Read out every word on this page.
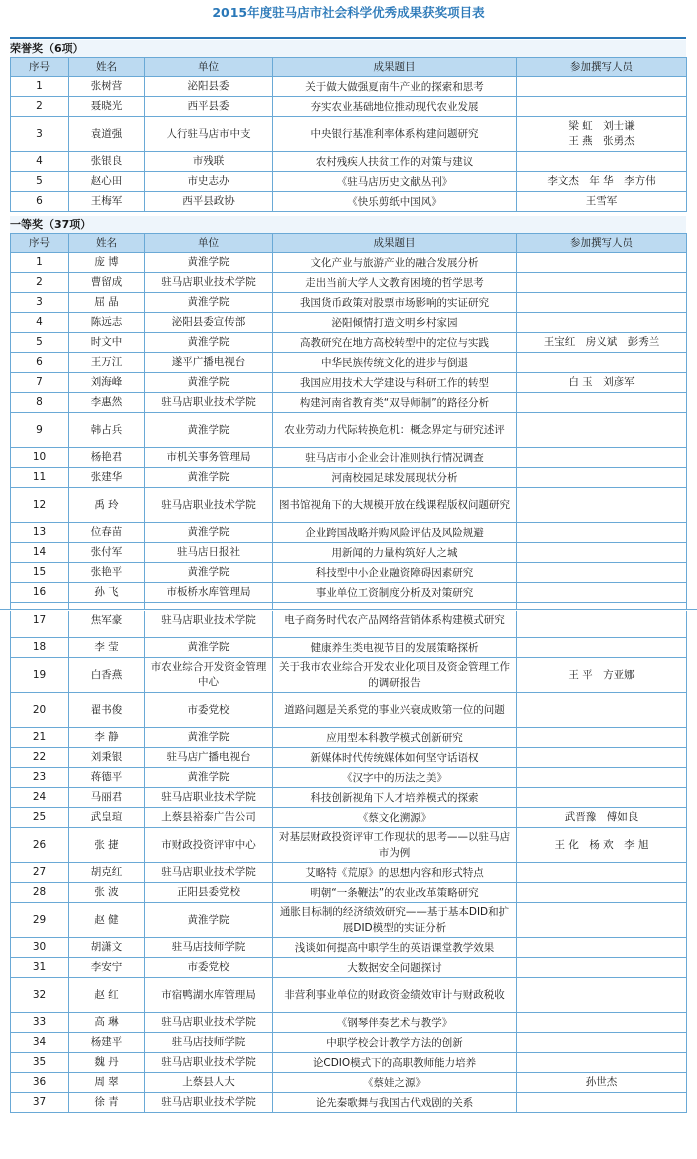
2015年度驻马店市社会科学优秀成果获奖项目表
荣誉奖（6项）
序号	姓名	单位	成果题目	参加撰写人员
1	张树营	泌阳县委	关于做大做强夏南牛产业的探索和思考	
2	聂晓光	西平县委	夯实农业基础地位推动现代农业发展	
3	袁道强	人行驻马店市中支	中央银行基准利率体系构建问题研究	梁 虹　刘士谦
王 燕　张勇杰
4	张银良	市残联	农村残疾人扶贫工作的对策与建议	
5	赵心田	市史志办	《驻马店历史文献丛刊》	李文杰　年 华　李方伟
6	王梅军	西平县政协	《快乐剪纸中国风》	王雪军
一等奖（37项）
序号	姓名	单位	成果题目	参加撰写人员
1	庞 博	黄淮学院	文化产业与旅游产业的融合发展分析	
2	曹留成	驻马店职业技术学院	走出当前大学人文教育困境的哲学思考	
3	屈 晶	黄淮学院	我国货币政策对股票市场影响的实证研究	
4	陈远志	泌阳县委宣传部	泌阳倾情打造文明乡村家园	
5	时文中	黄淮学院	高教研究在地方高校转型中的定位与实践	王宝红　房义斌　彭秀兰
6	王万江	遂平广播电视台	中华民族传统文化的进步与倒退	
7	刘海峰	黄淮学院	我国应用技术大学建设与科研工作的转型	白 玉　刘彦军
8	李惠然	驻马店职业技术学院	构建河南省教育类“双导师制”的路径分析	
9	韩占兵	黄淮学院	农业劳动力代际转换危机：概念界定与研究述评	
10	杨艳君	市机关事务管理局	驻马店市小企业会计准则执行情况调查	
11	张建华	黄淮学院	河南校园足球发展现状分析	
12	禹 玲	驻马店职业技术学院	图书馆视角下的大规模开放在线课程版权问题研究	
13	位春苗	黄淮学院	企业跨国战略并购风险评估及风险规避	
14	张付军	驻马店日报社	用新闻的力量构筑好人之城	
15	张艳平	黄淮学院	科技型中小企业融资障碍因素研究	
16	孙 飞	市板桥水库管理局	事业单位工资制度分析及对策研究	
17	焦军豪	驻马店职业技术学院	电子商务时代农产品网络营销体系构建模式研究	
18	李 莹	黄淮学院	健康养生类电视节目的发展策略探析	
19	白香燕	市农业综合开发资金管理中心	关于我市农业综合开发农业化项目及资金管理工作的调研报告	王 平　方亚娜
20	翟书俊	市委党校	道路问题是关系党的事业兴衰成败第一位的问题	
21	李 静	黄淮学院	应用型本科教学模式创新研究	
22	刘秉银	驻马店广播电视台	新媒体时代传统媒体如何坚守话语权	
23	蒋德平	黄淮学院	《汉字中的历法之美》	
24	马丽君	驻马店职业技术学院	科技创新视角下人才培养模式的探索	
25	武皇瑄	上蔡县裕泰广告公司	《蔡文化溯源》	武晋豫　傅如良
26	张 捷	市财政投资评审中心	对基层财政投资评审工作现状的思考——以驻马店市为例	王 化　杨 欢　李 旭
27	胡克红	驻马店职业技术学院	艾略特《荒原》的思想内容和形式特点	
28	张 波	正阳县委党校	明朝“一条鞭法”的农业改革策略研究	
29	赵 健	黄淮学院	通胀目标制的经济绩效研究——基于基本DID和扩展DID模型的实证分析	
30	胡潇文	驻马店技师学院	浅谈如何提高中职学生的英语课堂教学效果	
31	李安宁	市委党校	大数据安全问题探讨	
32	赵 红	市宿鸭湖水库管理局	非营利事业单位的财政资金绩效审计与财政税收	
33	高 琳	驻马店职业技术学院	《钢琴伴奏艺术与教学》	
34	杨建平	驻马店技师学院	中职学校会计教学方法的创新	
35	魏 丹	驻马店职业技术学院	论CDIO模式下的高职教师能力培养	
36	周 翠	上蔡县人大	《蔡娃之源》	孙世杰
37	徐 青	驻马店职业技术学院	论先秦歌舞与我国古代戏剧的关系	
